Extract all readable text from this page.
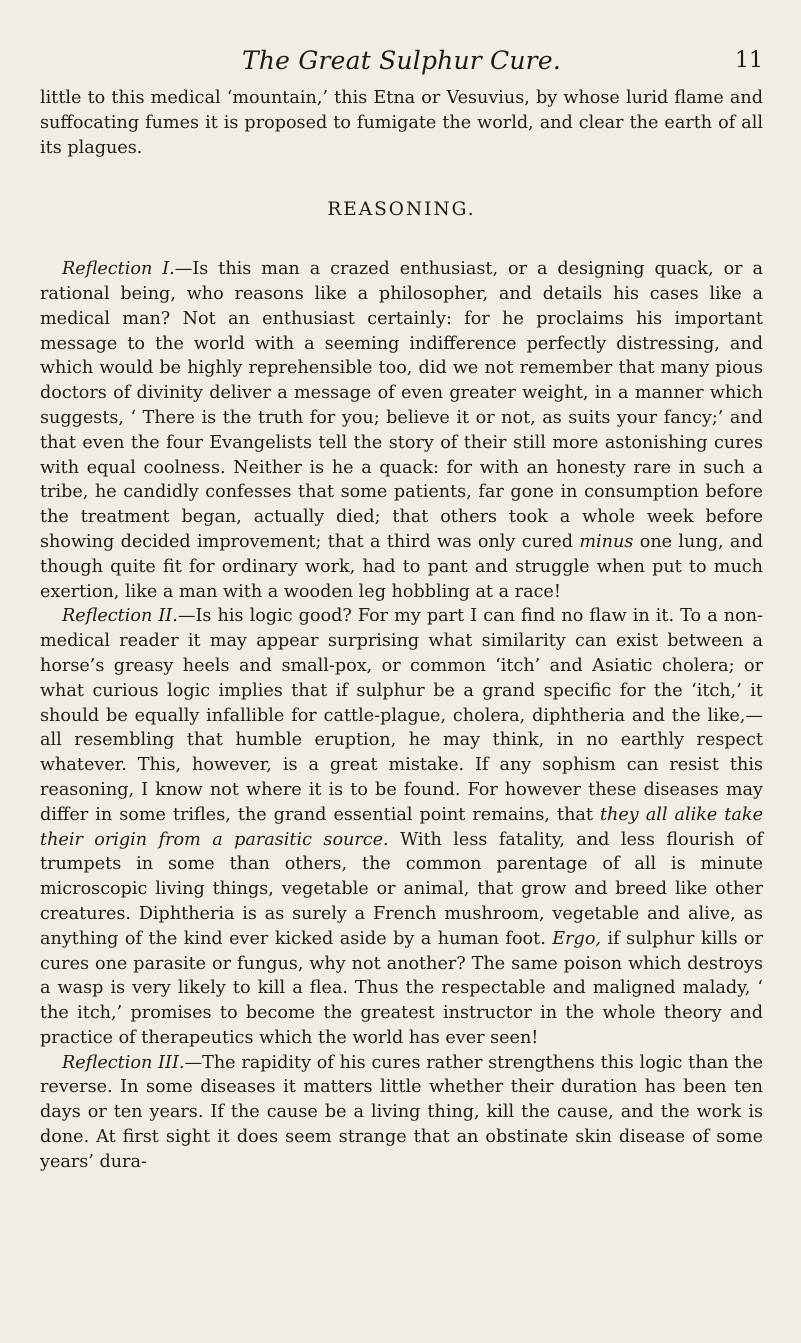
The Great Sulphur Cure.	11

little to this medical ‘mountain,’ this Etna or Vesuvius, by whose lurid flame and suffocating fumes it is proposed to fumigate the world, and clear the earth of all its plagues.

REASONING.

Reflection I.—Is this man a crazed enthusiast, or a designing quack, or a rational being, who reasons like a philosopher, and details his cases like a medical man? Not an enthusiast certainly: for he proclaims his important message to the world with a seeming indifference perfectly distressing, and which would be highly reprehensible too, did we not remember that many pious doctors of divinity deliver a message of even greater weight, in a manner which suggests, ‘ There is the truth for you; believe it or not, as suits your fancy;’ and that even the four Evangelists tell the story of their still more astonishing cures with equal coolness. Neither is he a quack: for with an honesty rare in such a tribe, he candidly confesses that some patients, far gone in consumption before the treatment began, actually died; that others took a whole week before showing decided improvement; that a third was only cured minus one lung, and though quite fit for ordinary work, had to pant and struggle when put to much exertion, like a man with a wooden leg hobbling at a race!

Reflection II.—Is his logic good? For my part I can find no flaw in it. To a non-medical reader it may appear surprising what similarity can exist between a horse’s greasy heels and small-pox, or common ‘itch’ and Asiatic cholera; or what curious logic implies that if sulphur be a grand specific for the ‘itch,’ it should be equally infallible for cattle-plague, cholera, diphtheria and the like,—all resembling that humble eruption, he may think, in no earthly respect whatever. This, however, is a great mistake. If any sophism can resist this reasoning, I know not where it is to be found. For however these diseases may differ in some trifles, the grand essential point remains, that they all alike take their origin from a parasitic source. With less fatality, and less flourish of trumpets in some than others, the common parentage of all is minute microscopic living things, vegetable or animal, that grow and breed like other creatures. Diphtheria is as surely a French mushroom, vegetable and alive, as anything of the kind ever kicked aside by a human foot. Ergo, if sulphur kills or cures one parasite or fungus, why not another? The same poison which destroys a wasp is very likely to kill a flea. Thus the respectable and maligned malady, ‘ the itch,’ promises to become the greatest instructor in the whole theory and practice of therapeutics which the world has ever seen!

Reflection III.—The rapidity of his cures rather strengthens this logic than the reverse. In some diseases it matters little whether their duration has been ten days or ten years. If the cause be a living thing, kill the cause, and the work is done. At first sight it does seem strange that an obstinate skin disease of some years’ dura-
